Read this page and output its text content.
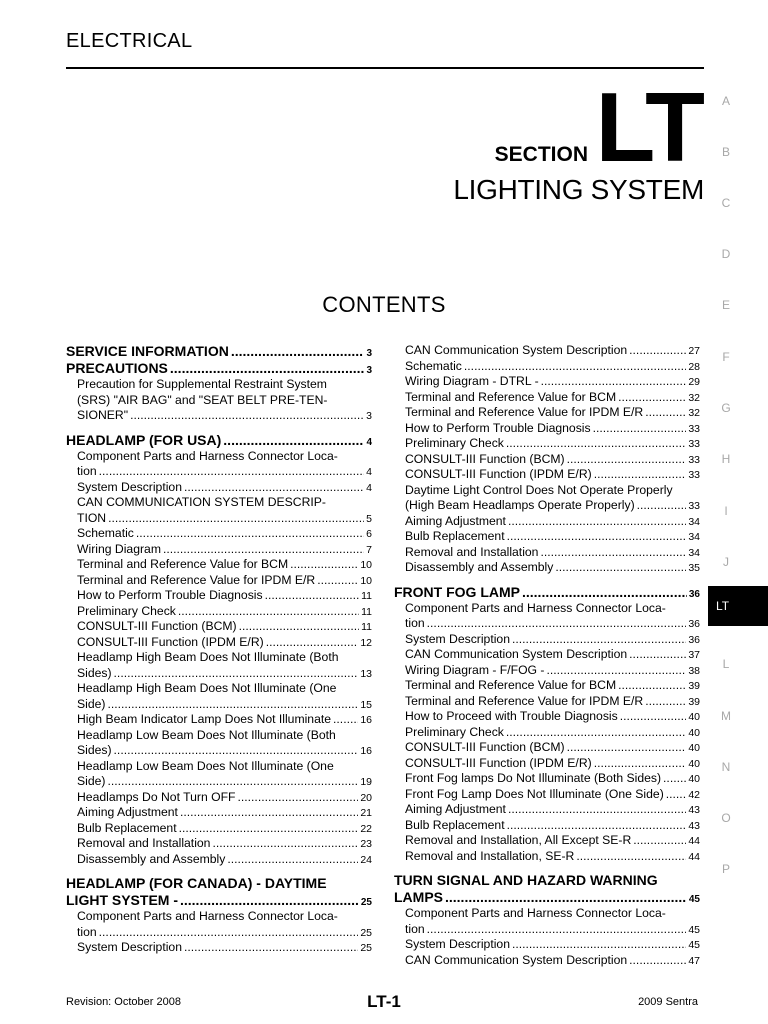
ELECTRICAL
A
B
C
D
E
F
G
H
I
J
LT
L
M
N
O
P
SECTION LT
LIGHTING SYSTEM
CONTENTS
SERVICE INFORMATION .....	3
PRECAUTIONS .....	3
Precaution for Supplemental Restraint System
(SRS) "AIR BAG" and "SEAT BELT PRE-TEN-
SIONER" .....	3
HEADLAMP (FOR USA) .....	4
Component Parts and Harness Connector Loca-
tion .....	4
System Description .....	4
CAN COMMUNICATION SYSTEM DESCRIP-
TION .....	5
Schematic .....	6
Wiring Diagram .....	7
Terminal and Reference Value for BCM .....	10
Terminal and Reference Value for IPDM E/R .....	10
How to Perform Trouble Diagnosis .....	11
Preliminary Check .....	11
CONSULT-III Function (BCM) .....	11
CONSULT-III Function (IPDM E/R) .....	12
Headlamp High Beam Does Not Illuminate (Both
Sides) .....	13
Headlamp High Beam Does Not Illuminate (One
Side) .....	15
High Beam Indicator Lamp Does Not Illuminate .....	16
Headlamp Low Beam Does Not Illuminate (Both
Sides) .....	16
Headlamp Low Beam Does Not Illuminate (One
Side) .....	19
Headlamps Do Not Turn OFF .....	20
Aiming Adjustment .....	21
Bulb Replacement .....	22
Removal and Installation .....	23
Disassembly and Assembly .....	24
HEADLAMP (FOR CANADA) - DAYTIME
LIGHT SYSTEM - .....	25
Component Parts and Harness Connector Loca-
tion .....	25
System Description .....	25
CAN Communication System Description .....	27
Schematic .....	28
Wiring Diagram - DTRL - .....	29
Terminal and Reference Value for BCM .....	32
Terminal and Reference Value for IPDM E/R .....	32
How to Perform Trouble Diagnosis .....	33
Preliminary Check .....	33
CONSULT-III Function (BCM) .....	33
CONSULT-III Function (IPDM E/R) .....	33
Daytime Light Control Does Not Operate Properly
(High Beam Headlamps Operate Properly) .....	33
Aiming Adjustment .....	34
Bulb Replacement .....	34
Removal and Installation .....	34
Disassembly and Assembly .....	35
FRONT FOG LAMP .....	36
Component Parts and Harness Connector Loca-
tion .....	36
System Description .....	36
CAN Communication System Description .....	37
Wiring Diagram - F/FOG - .....	38
Terminal and Reference Value for BCM .....	39
Terminal and Reference Value for IPDM E/R .....	39
How to Proceed with Trouble Diagnosis .....	40
Preliminary Check .....	40
CONSULT-III Function (BCM) .....	40
CONSULT-III Function (IPDM E/R) .....	40
Front Fog lamps Do Not Illuminate (Both Sides) .....	40
Front Fog Lamp Does Not Illuminate (One Side) ..... 42
Aiming Adjustment .....	43
Bulb Replacement .....	43
Removal and Installation, All Except SE-R .....	44
Removal and Installation, SE-R .....	44
TURN SIGNAL AND HAZARD WARNING
LAMPS .....	45
Component Parts and Harness Connector Loca-
tion .....	45
System Description .....	45
CAN Communication System Description .....	47
Revision: October 2008	LT-1	2009 Sentra
